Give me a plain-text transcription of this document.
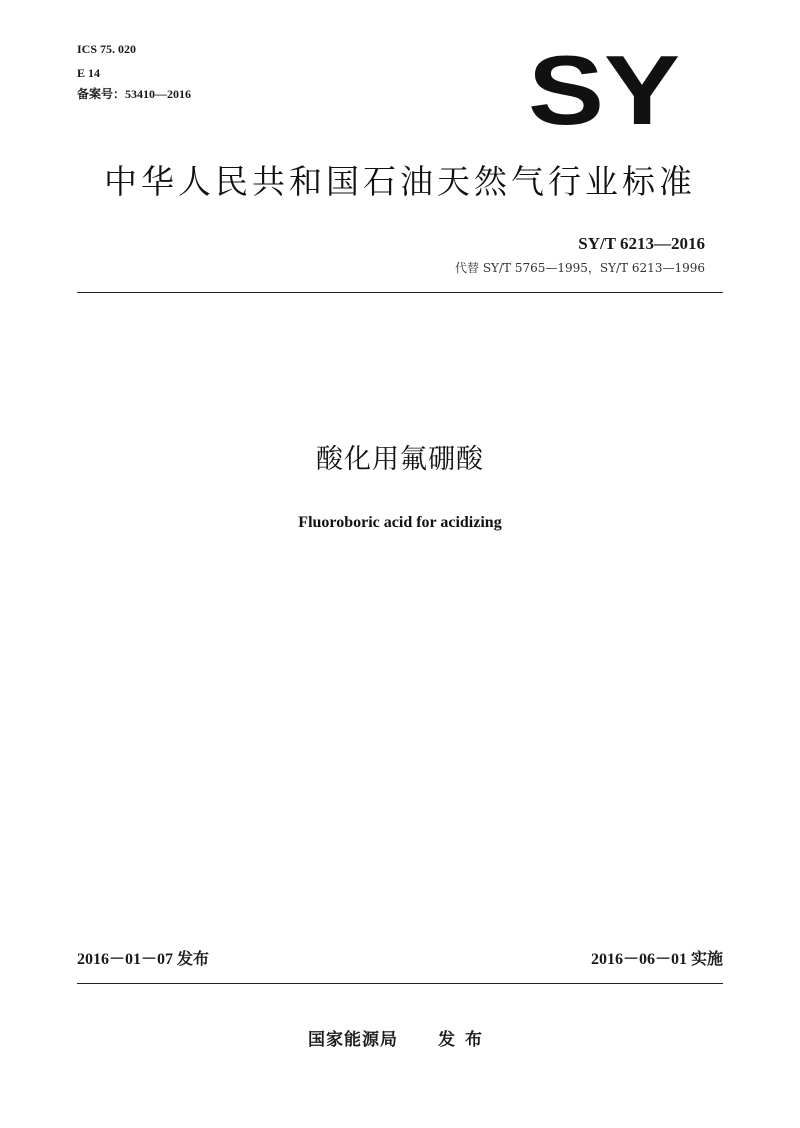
ICS 75. 020
E 14
备案号：53410—2016	SY
中华人民共和国石油天然气行业标准
SY/T 6213—2016
代替 SY/T 5765—1995，SY/T 6213—1996
酸化用氟硼酸
Fluoroboric acid for acidizing
2016－01－07 发布	2016－06－01 实施
国家能源局 发布
